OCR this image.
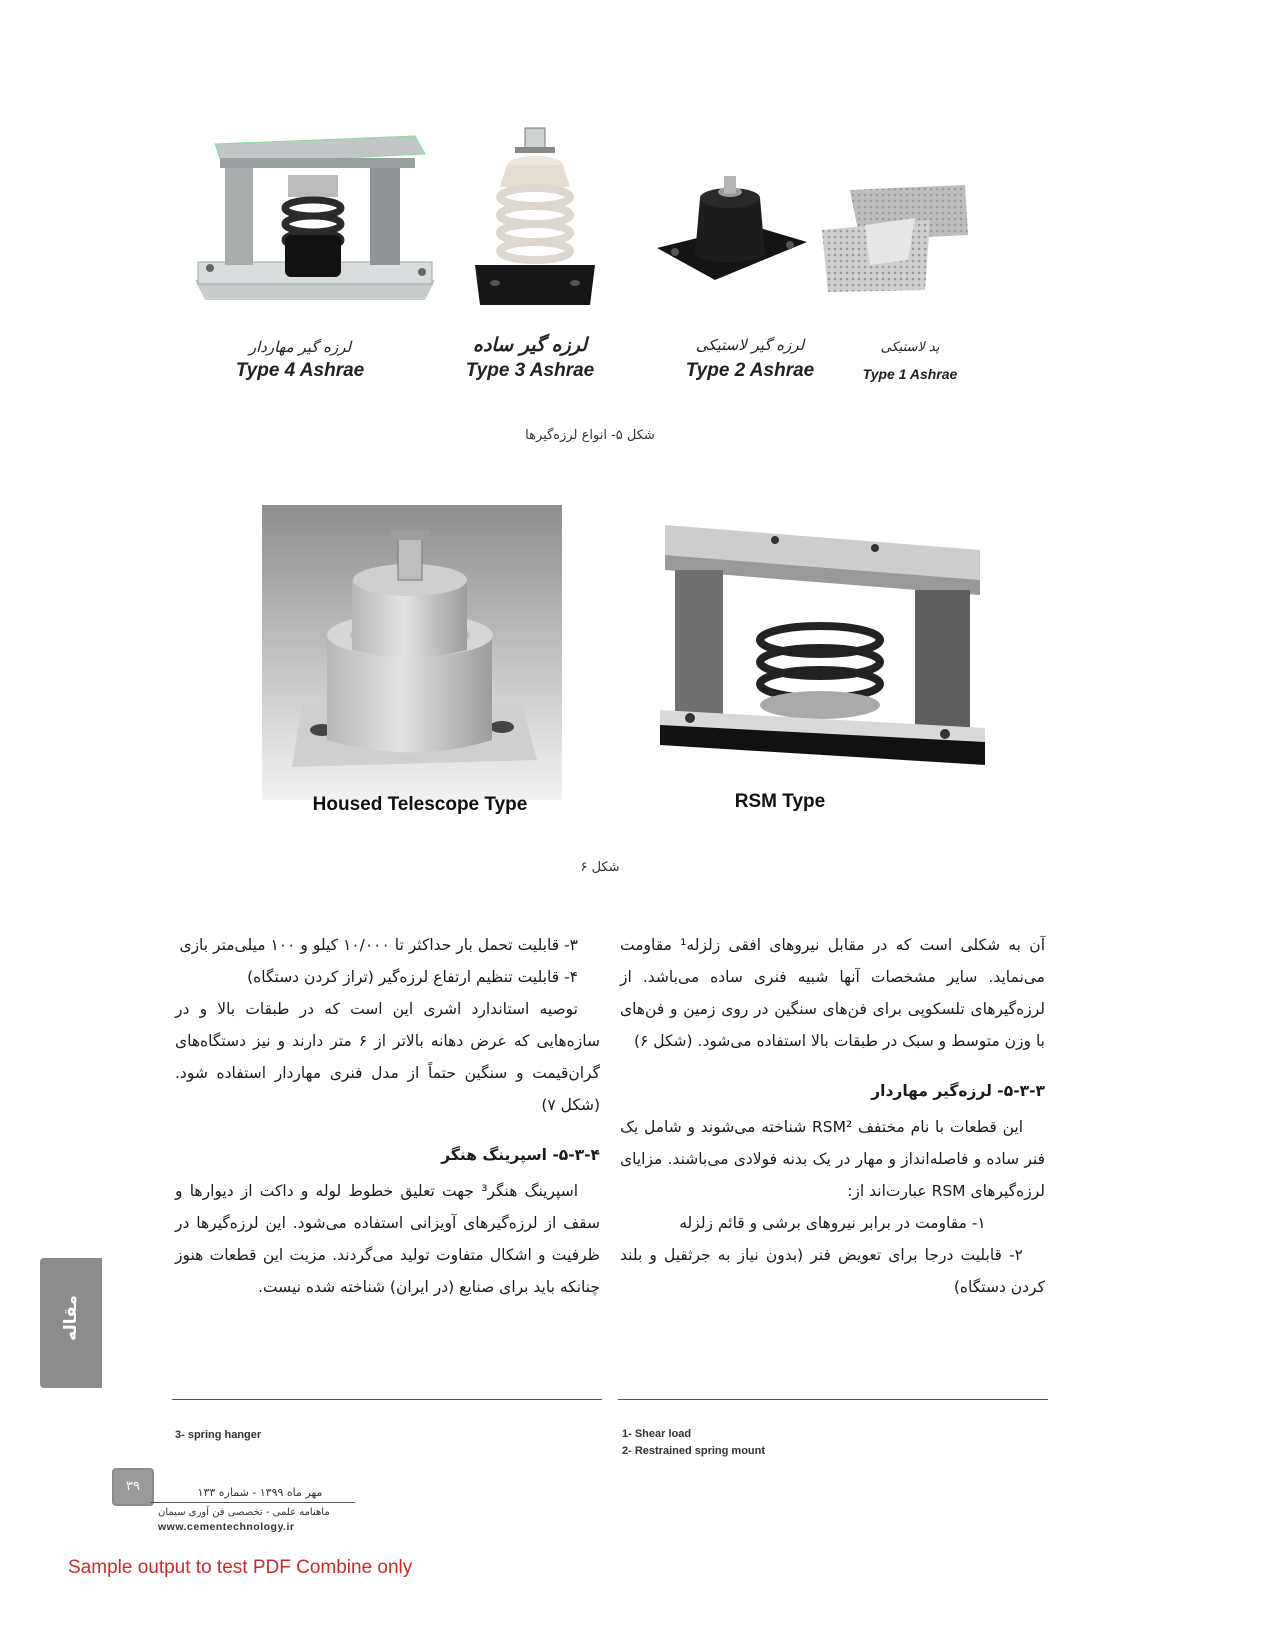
لرزه گیر مهاردار
Type 4 Ashrae
لرزه گیر ساده
Type 3 Ashrae
لرزه گیر لاستیکی
Type 2 Ashrae
پد لاستیکی
Type 1 Ashrae
شکل ۵- انواع لرزه‌گیرها
Housed Telescope Type	RSM Type
شکل ۶

آن به شکلی است که در مقابل نیروهای افقی زلزله¹ مقاومت می‌نماید. سایر مشخصات آنها شبیه فنری ساده می‌باشد. از لرزه‌گیرهای تلسکوپی برای فن‌های سنگین در روی زمین و فن‌های با وزن متوسط و سبک در طبقات بالا استفاده می‌شود. (شکل ۶)

۵-۳-۳- لرزه‌گیر مهاردار

این قطعات با نام مختفف RSM² شناخته می‌شوند و شامل یک فنر ساده و فاصله‌انداز و مهار در یک بدنه فولادی می‌باشند. مزایای لرزه‌گیرهای RSM عبارت‌اند از:

۱- مقاومت در برابر نیروهای برشی و قائم زلزله

۲- قابلیت درجا برای تعویض فنر (بدون نیاز به جرثقیل و بلند کردن دستگاه)

۳- قابلیت تحمل بار حداکثر تا ۱۰/۰۰۰ کیلو و ۱۰۰ میلی‌متر بازی

۴- قابلیت تنظیم ارتفاع لرزه‌گیر (تراز کردن دستگاه)

توصیه استاندارد اشری این است که در طبقات بالا و در سازه‌هایی که عرض دهانه بالاتر از ۶ متر دارند و نیز دستگاه‌های گران‌قیمت و سنگین حتماً از مدل فنری مهاردار استفاده شود. (شکل ۷)

۵-۳-۴- اسپرینگ هنگر

اسپرینگ هنگر³ جهت تعلیق خطوط لوله و داکت از دیوارها و سقف از لرزه‌گیرهای آویزانی استفاده می‌شود. این لرزه‌گیرها در ظرفیت و اشکال متفاوت تولید می‌گردند. مزیت این قطعات هنوز چنانکه باید برای صنایع (در ایران) شناخته شده نیست.

1- Shear load
2- Restrained spring mount
3- spring hanger
مقاله
۳۹	مهر ماه ۱۳۹۹ - شماره ۱۳۳
ماهنامه علمی - تخصصی فن آوری سیمان
www.cementechnology.ir
Sample output to test PDF Combine only
